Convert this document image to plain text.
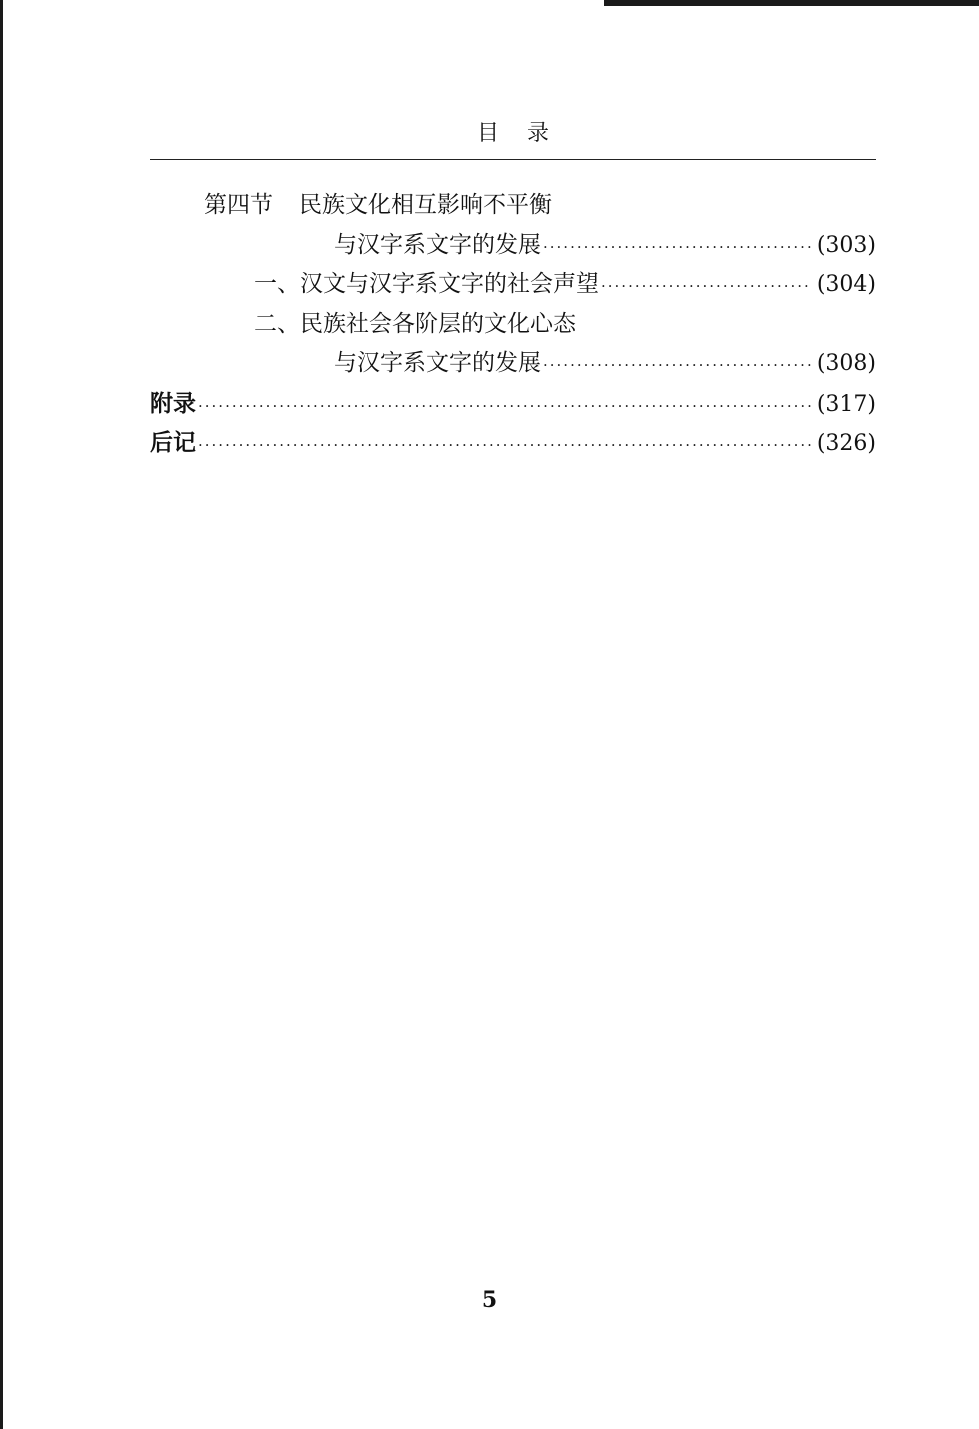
目录
第四节 民族文化相互影响不平衡
与汉字系文字的发展 ·····	(303)
一、汉文与汉字系文字的社会声望 ·····	(304)
二、民族社会各阶层的文化心态
与汉字系文字的发展 ·····	(308)
附录 ·····	(317)
后记 ·····	(326)
5
